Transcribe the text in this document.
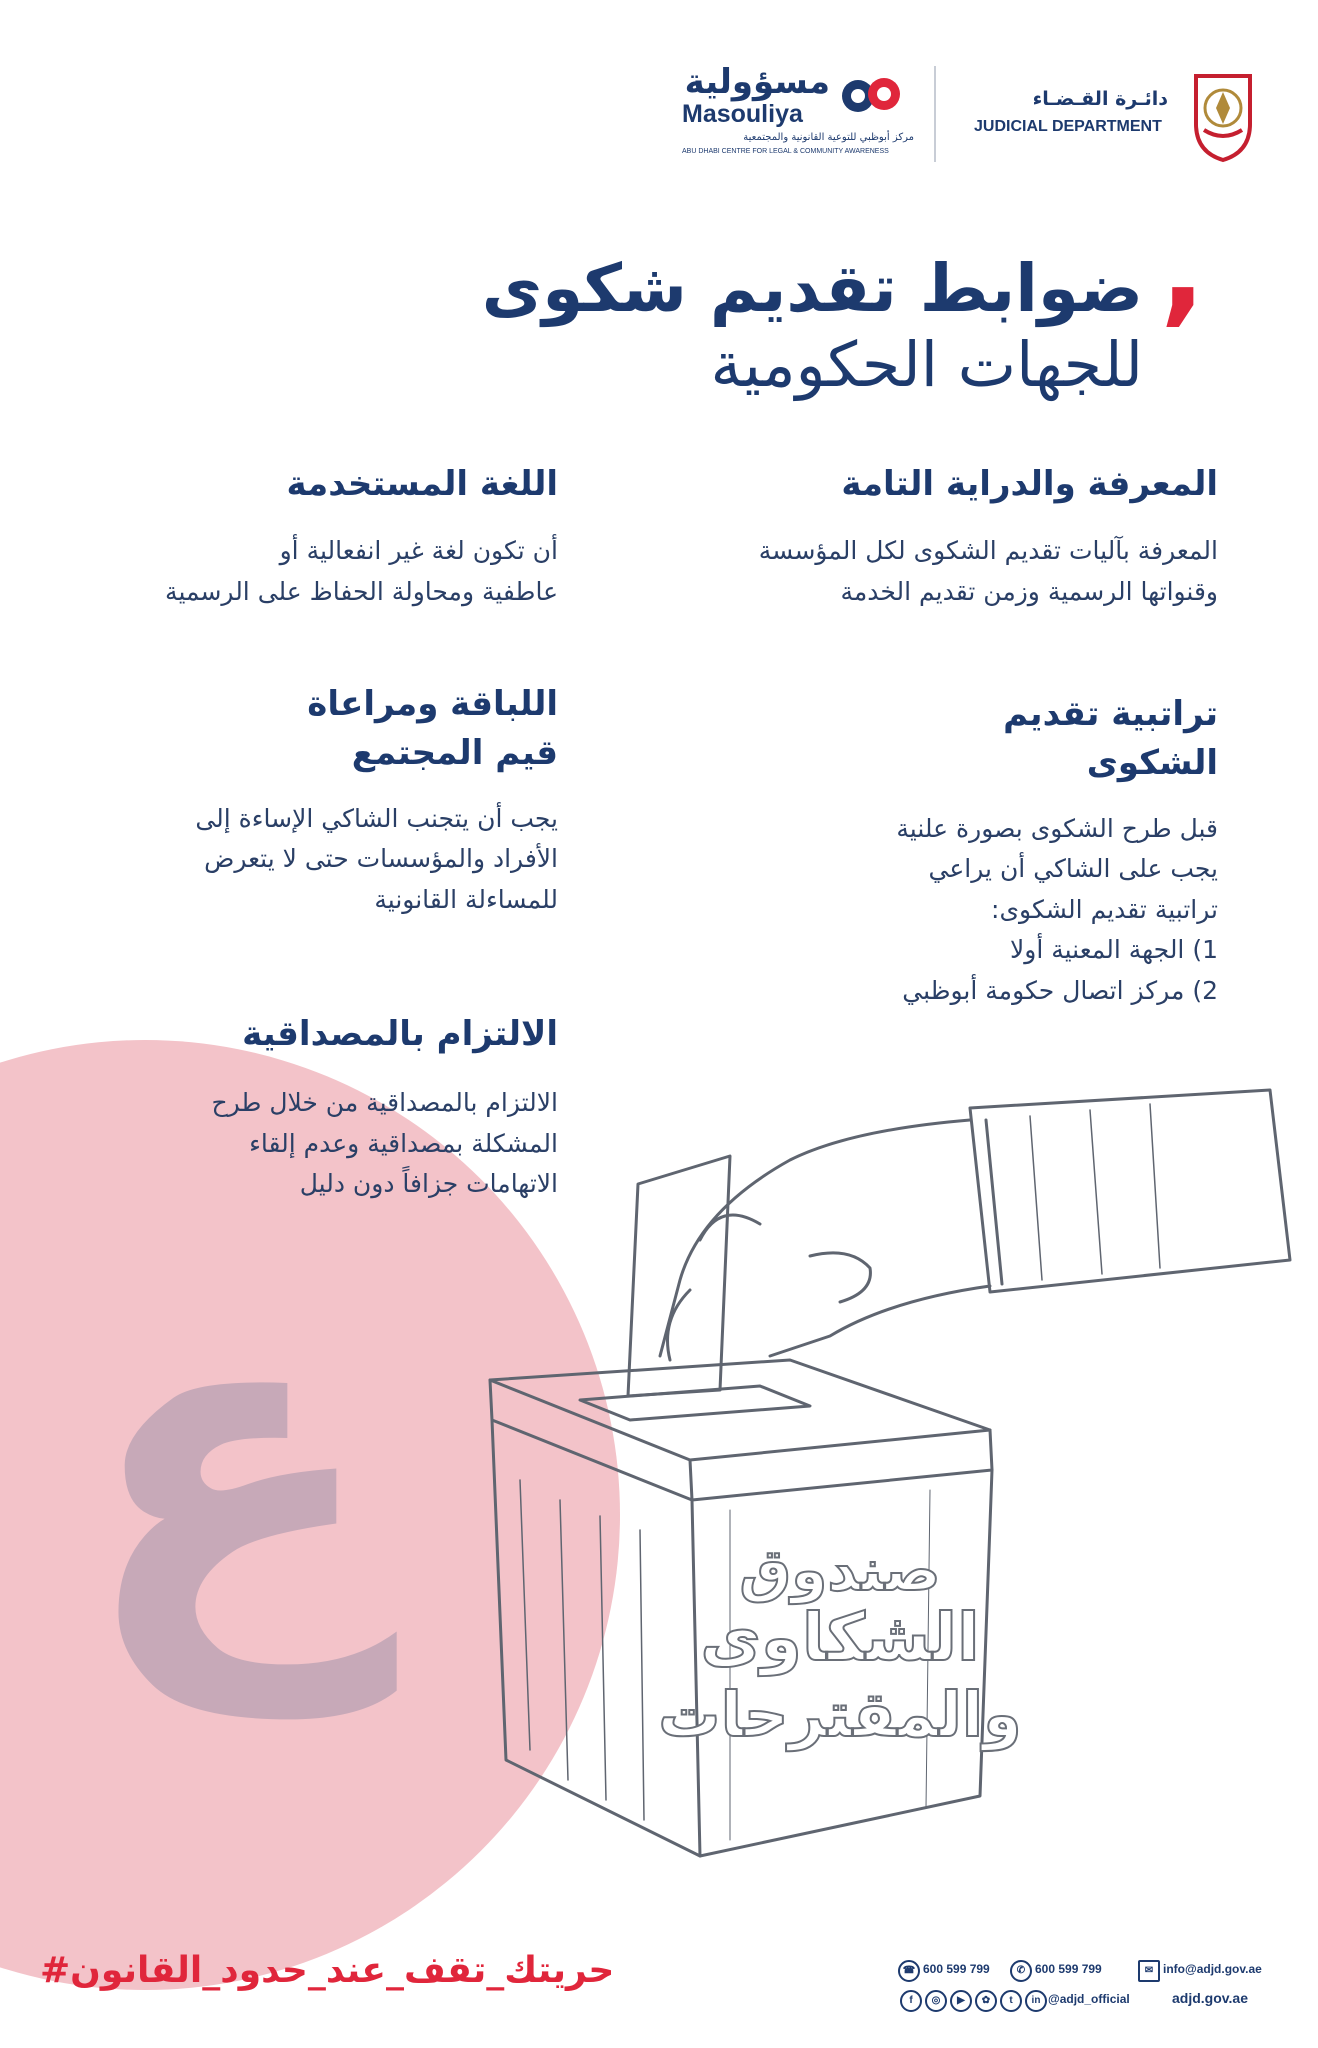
ع
دائـرة القـضـاء
JUDICIAL DEPARTMENT
مسؤولية
Masouliya
مركز أبوظبي للتوعية القانونية والمجتمعية
ABU DHABI CENTRE FOR LEGAL & COMMUNITY AWARENESS
,
ضوابط تقديم شكوى
للجهات الحكومية
المعرفة والدراية التامة
المعرفة بآليات تقديم الشكوى لكل المؤسسة
وقنواتها الرسمية وزمن تقديم الخدمة
اللغة المستخدمة
أن تكون لغة غير انفعالية أو
عاطفية ومحاولة الحفاظ على الرسمية
تراتبية تقديم
الشكوى
قبل طرح الشكوى بصورة علنية
يجب على الشاكي أن يراعي
تراتبية تقديم الشكوى:
1) الجهة المعنية أولا
2) مركز اتصال حكومة أبوظبي
اللباقة ومراعاة
قيم المجتمع
يجب أن يتجنب الشاكي الإساءة إلى
الأفراد والمؤسسات حتى لا يتعرض
للمساءلة القانونية
الالتزام بالمصداقية
الالتزام بالمصداقية من خلال طرح
المشكلة بمصداقية وعدم إلقاء
الاتهامات جزافاً دون دليل
صندوق
الشكاوى
والمقترحات
#حريتك_تقف_عند_حدود_القانون	☎ 600 599 799	✆ 600 599 799	✉ info@adjd.gov.ae
f ◎ ▶ ✿ t in @adjd_official	adjd.gov.ae
